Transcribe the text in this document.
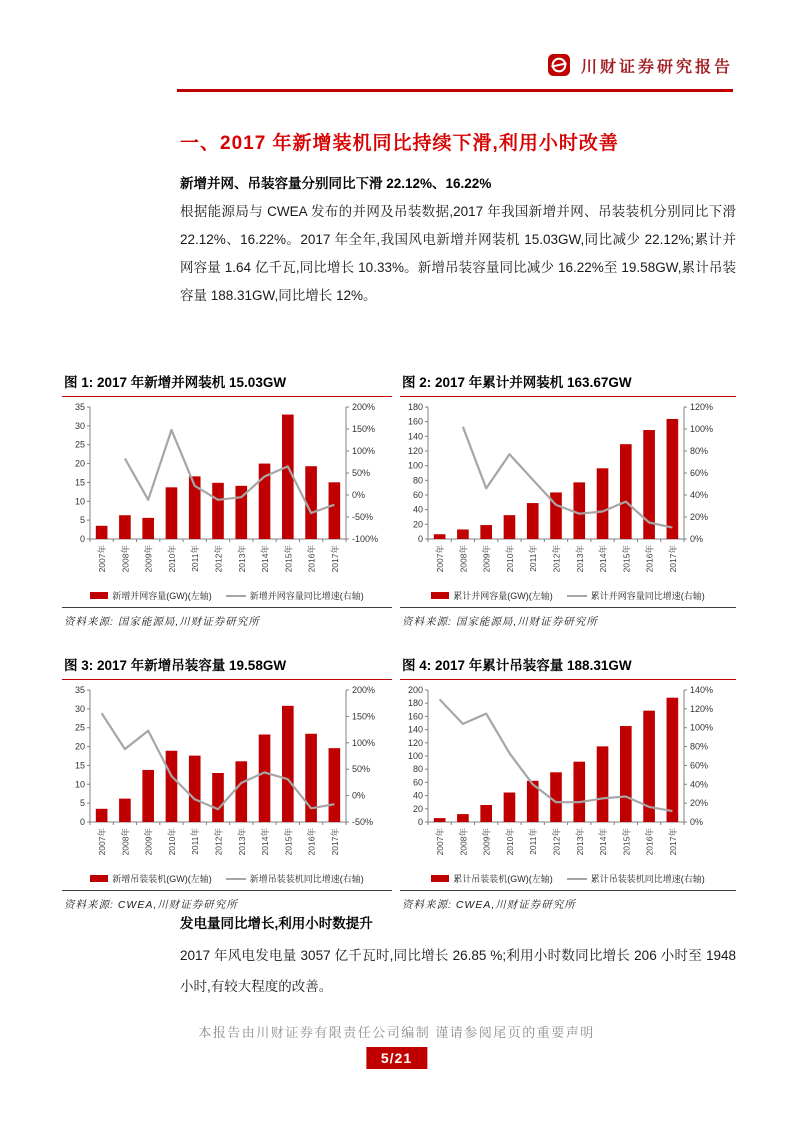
川财证券研究报告
一、2017 年新增装机同比持续下滑,利用小时改善
新增并网、吊装容量分别同比下滑 22.12%、16.22%
根据能源局与 CWEA 发布的并网及吊装数据,2017 年我国新增并网、吊装装机分别同比下滑 22.12%、16.22%。2017 年全年,我国风电新增并网装机 15.03GW,同比减少 22.12%;累计并网容量 1.64 亿千瓦,同比增长 10.33%。新增吊装容量同比减少 16.22%至 19.58GW,累计吊装容量 188.31GW,同比增长 12%。
图 1: 2017 年新增并网装机 15.03GW
0
5
10
15
20
25
30
35
-100%
-50%
0%
50%
100%
150%
200%
2007年 2008年 2009年 2010年 2011年 2012年 2013年 2014年 2015年 2016年 2017年
新增并网容量(GW)(左轴)	新增并网容量同比增速(右轴)
资料来源: 国家能源局,川财证券研究所
图 2: 2017 年累计并网装机 163.67GW
0
20
40
60
80
100
120
140
160
180
0%
20%
40%
60%
80%
100%
120%
2007年 2008年 2009年 2010年 2011年 2012年 2013年 2014年 2015年 2016年 2017年
累计并网容量(GW)(左轴)	累计并网容量同比增速(右轴)
资料来源: 国家能源局,川财证券研究所
图 3: 2017 年新增吊装容量 19.58GW
0
5
10
15
20
25
30
35
-50%
0%
50%
100%
150%
200%
2007年 2008年 2009年 2010年 2011年 2012年 2013年 2014年 2015年 2016年 2017年
新增吊装装机(GW)(左轴)	新增吊装装机同比增速(右轴)
资料来源: CWEA,川财证券研究所
图 4: 2017 年累计吊装容量 188.31GW
0
20
40
60
80
100
120
140
160
180
200
0%
20%
40%
60%
80%
100%
120%
140%
2007年 2008年 2009年 2010年 2011年 2012年 2013年 2014年 2015年 2016年 2017年
累计吊装装机(GW)(左轴)	累计吊装装机同比增速(右轴)
资料来源: CWEA,川财证券研究所
发电量同比增长,利用小时数提升
2017 年风电发电量 3057 亿千瓦时,同比增长 26.85 %;利用小时数同比增长 206 小时至 1948 小时,有较大程度的改善。
本报告由川财证券有限责任公司编制 谨请参阅尾页的重要声明
5/21
